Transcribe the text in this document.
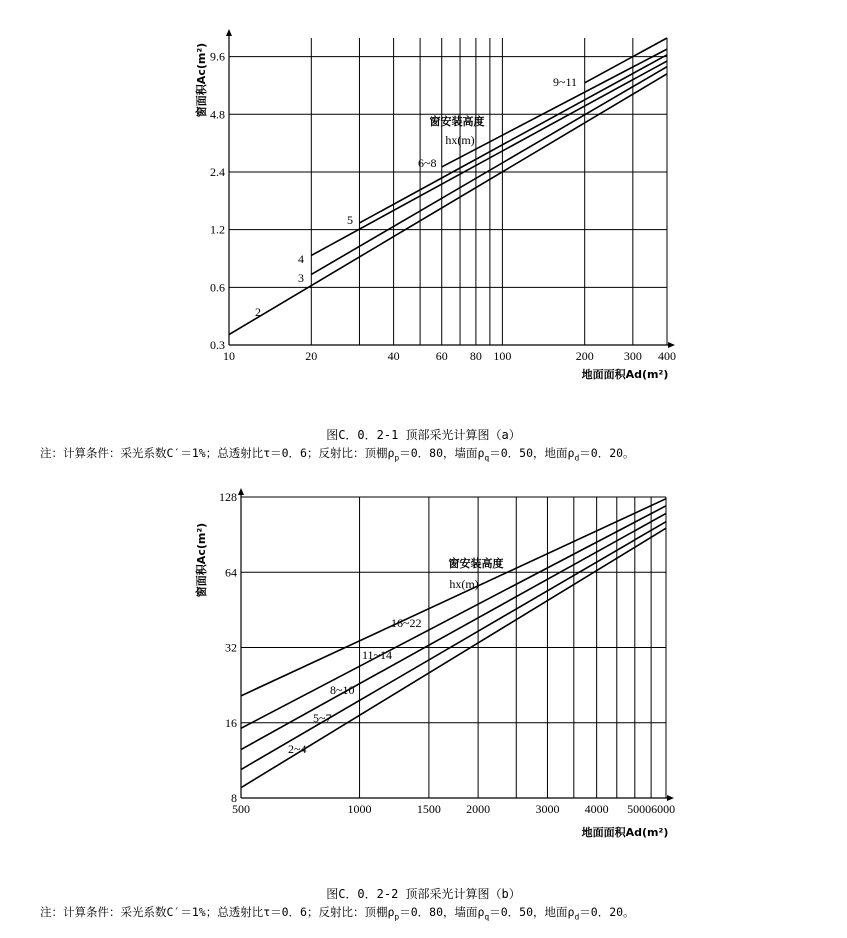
10	20	40	60 80 100	200	300 400
0.3
0.6
1.2
2.4
4.8
9.6
2
3
4
5
6~8
9~11
窗安装高度
hx(m)
地面面积Ad(m²)
窗面积Ac(m²)
500	1000	1500 2000	3000 4000 50006000
8
16
32
64
128
2~4
5~7
8~10
11~14
16~22
窗安装高度
hx(m)
地面面积Ad(m²)
窗面积Ac(m²)
图C．0．2-1 顶部采光计算图（a）
注：计算条件：采光系数C′＝1%；总透射比τ＝0．6；反射比：顶棚$\rho_p=0$．80，墙面$\rho_q=0$．50，地面$\rho_d=0$．20。
图C．0．2-2 顶部采光计算图（b）
注：计算条件：采光系数C′＝1%；总透射比τ＝0．6；反射比：顶棚$\rho_p=0$．80，墙面$\rho_q=0$．50，地面$\rho_d=0$．20。
